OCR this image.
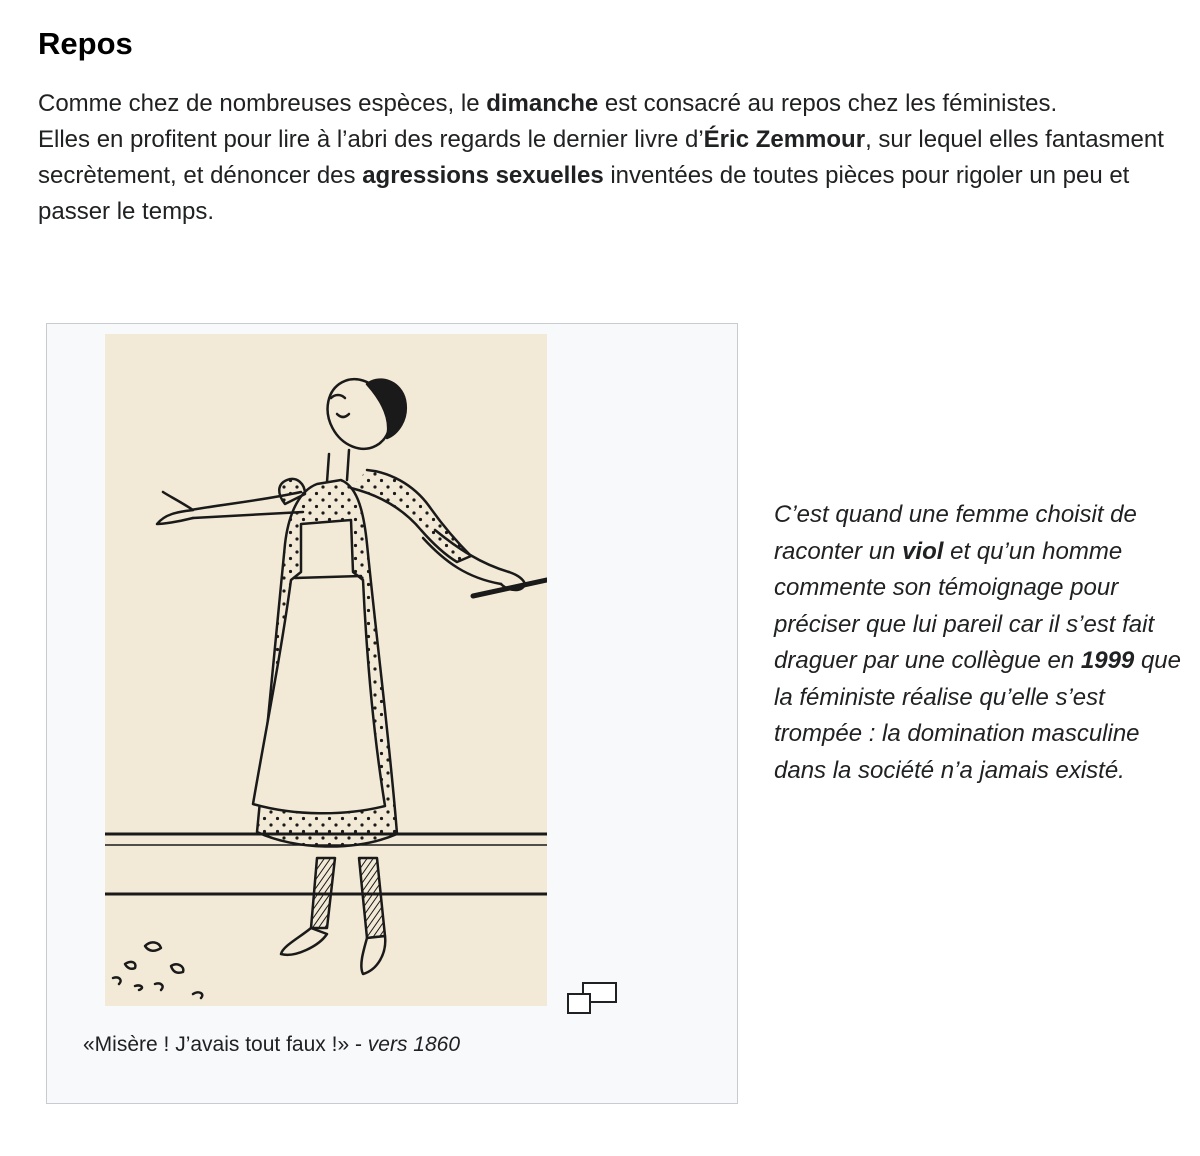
Repos

Comme chez de nombreuses espèces, le dimanche est consacré au repos chez les féministes.

Elles en profitent pour lire à l’abri des regards le dernier livre d’Éric Zemmour, sur lequel elles fantasment secrètement, et dénoncer des agressions sexuelles inventées de toutes pièces pour rigoler un peu et passer le temps.

«Misère ! J’avais tout faux !» - vers 1860

C’est quand une femme choisit de raconter un viol et qu’un homme commente son témoignage pour préciser que lui pareil car il s’est fait draguer par une collègue en 1999 que la féministe réalise qu’elle s’est trompée : la domination masculine dans la société n’a jamais existé.
